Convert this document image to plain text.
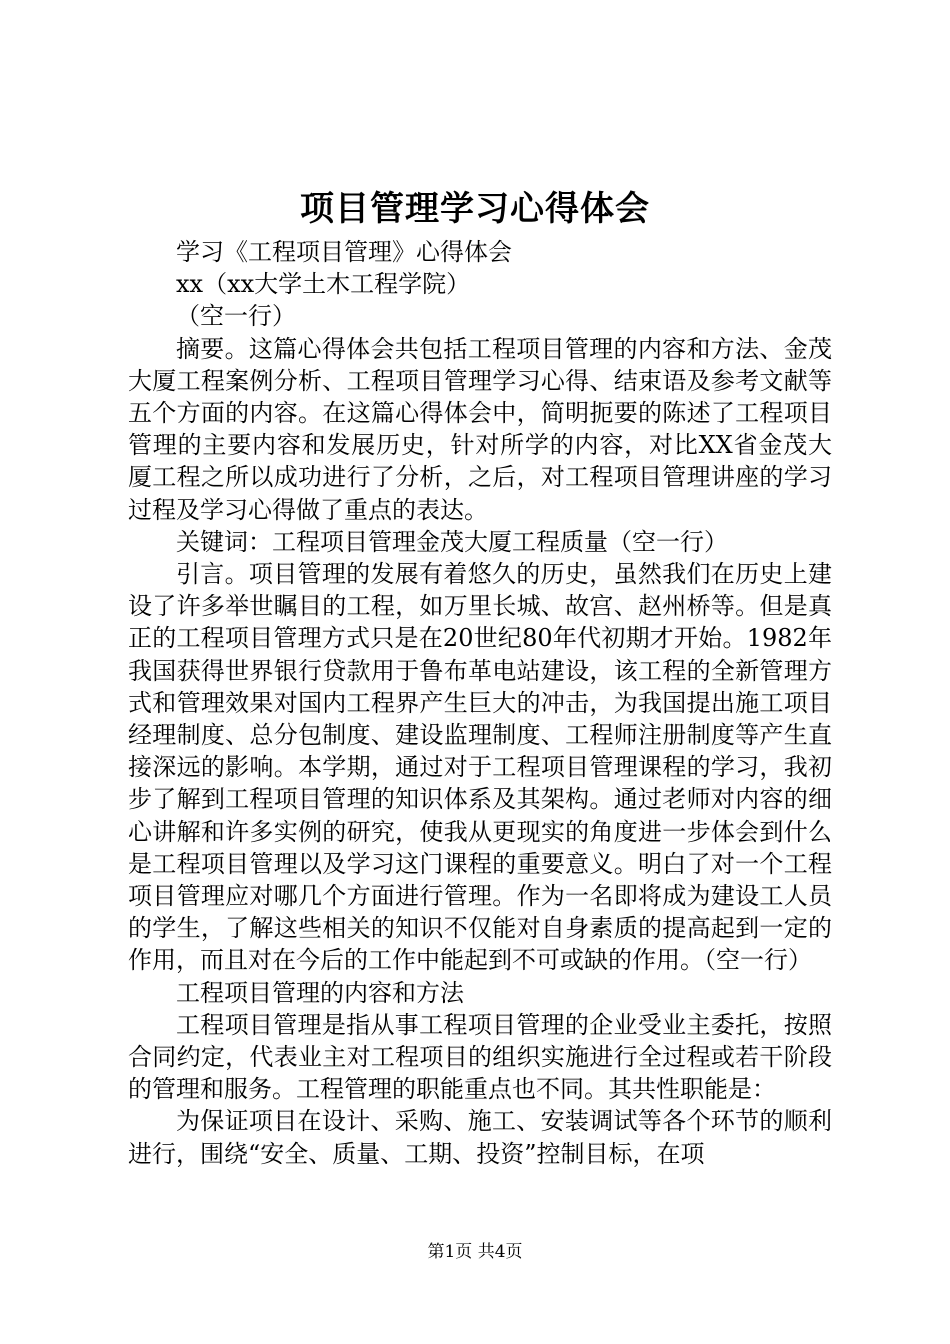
项目管理学习心得体会

学习《工程项目管理》心得体会

xx（xx大学土木工程学院）

（空一行）

摘要。这篇心得体会共包括工程项目管理的内容和方法、金茂大厦工程案例分析、工程项目管理学习心得、结束语及参考文献等五个方面的内容。在这篇心得体会中，简明扼要的陈述了工程项目管理的主要内容和发展历史，针对所学的内容，对比XX省金茂大厦工程之所以成功进行了分析，之后，对工程项目管理讲座的学习过程及学习心得做了重点的表达。

关键词：工程项目管理金茂大厦工程质量（空一行）

引言。项目管理的发展有着悠久的历史，虽然我们在历史上建设了许多举世瞩目的工程，如万里长城、故宫、赵州桥等。但是真正的工程项目管理方式只是在20世纪80年代初期才开始。1982年我国获得世界银行贷款用于鲁布革电站建设，该工程的全新管理方式和管理效果对国内工程界产生巨大的冲击，为我国提出施工项目经理制度、总分包制度、建设监理制度、工程师注册制度等产生直接深远的影响。本学期，通过对于工程项目管理课程的学习，我初步了解到工程项目管理的知识体系及其架构。通过老师对内容的细心讲解和许多实例的研究，使我从更现实的角度进一步体会到什么是工程项目管理以及学习这门课程的重要意义。明白了对一个工程项目管理应对哪几个方面进行管理。作为一名即将成为建设工人员的学生，了解这些相关的知识不仅能对自身素质的提高起到一定的作用，而且对在今后的工作中能起到不可或缺的作用。（空一行）

工程项目管理的内容和方法

工程项目管理是指从事工程项目管理的企业受业主委托，按照合同约定，代表业主对工程项目的组织实施进行全过程或若干阶段的管理和服务。工程管理的职能重点也不同。其共性职能是：

为保证项目在设计、采购、施工、安装调试等各个环节的顺利进行，围绕“安全、质量、工期、投资”控制目标，在项

第1页 共4页
